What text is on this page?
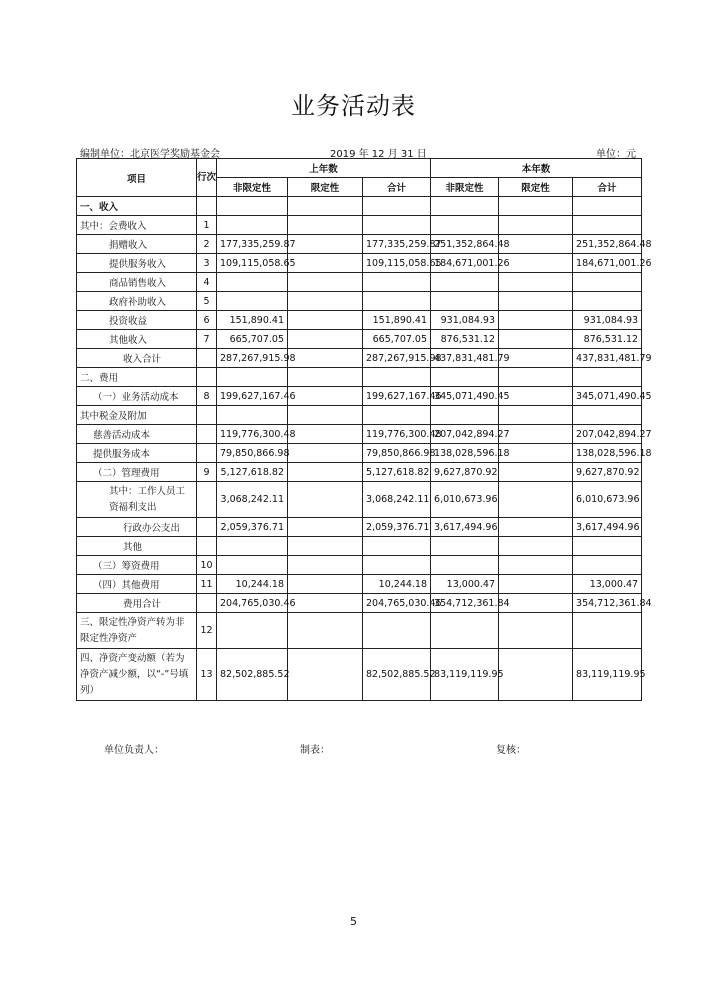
业务活动表
编制单位：北京医学奖励基金会	2019 年 12 月 31 日	单位：元
项目	行次	上年数			本年数		
		非限定性	限定性	合计	非限定性	限定性	合计
一、收入							
其中：会费收入	1						
捐赠收入	2	177,335,259.87		177,335,259.87	251,352,864.48		251,352,864.48
提供服务收入	3	109,115,058.65		109,115,058.65	184,671,001.26		184,671,001.26
商品销售收入	4						
政府补助收入	5						
投资收益	6	151,890.41		151,890.41	931,084.93		931,084.93
其他收入	7	665,707.05		665,707.05	876,531.12		876,531.12
收入合计		287,267,915.98		287,267,915.98	437,831,481.79		437,831,481.79
二、费用							
（一）业务活动成本	8	199,627,167.46		199,627,167.46	345,071,490.45		345,071,490.45
其中税金及附加							
慈善活动成本		119,776,300.48		119,776,300.48	207,042,894.27		207,042,894.27
提供服务成本		79,850,866.98		79,850,866.98	138,028,596.18		138,028,596.18
（二）管理费用	9	5,127,618.82		5,127,618.82	9,627,870.92		9,627,870.92
其中：工作人员工资福利支出		3,068,242.11		3,068,242.11	6,010,673.96		6,010,673.96
行政办公支出		2,059,376.71		2,059,376.71	3,617,494.96		3,617,494.96
其他							
（三）筹资费用	10						
（四）其他费用	11	10,244.18		10,244.18	13,000.47		13,000.47
费用合计		204,765,030.46		204,765,030.46	354,712,361.84		354,712,361.84
三、限定性净资产转为非限定性净资产	12						
四、净资产变动额（若为净资产减少额，以“-”号填列）	13	82,502,885.52		82,502,885.52	83,119,119.95		83,119,119.95
单位负责人：	制表：	复核：
5
